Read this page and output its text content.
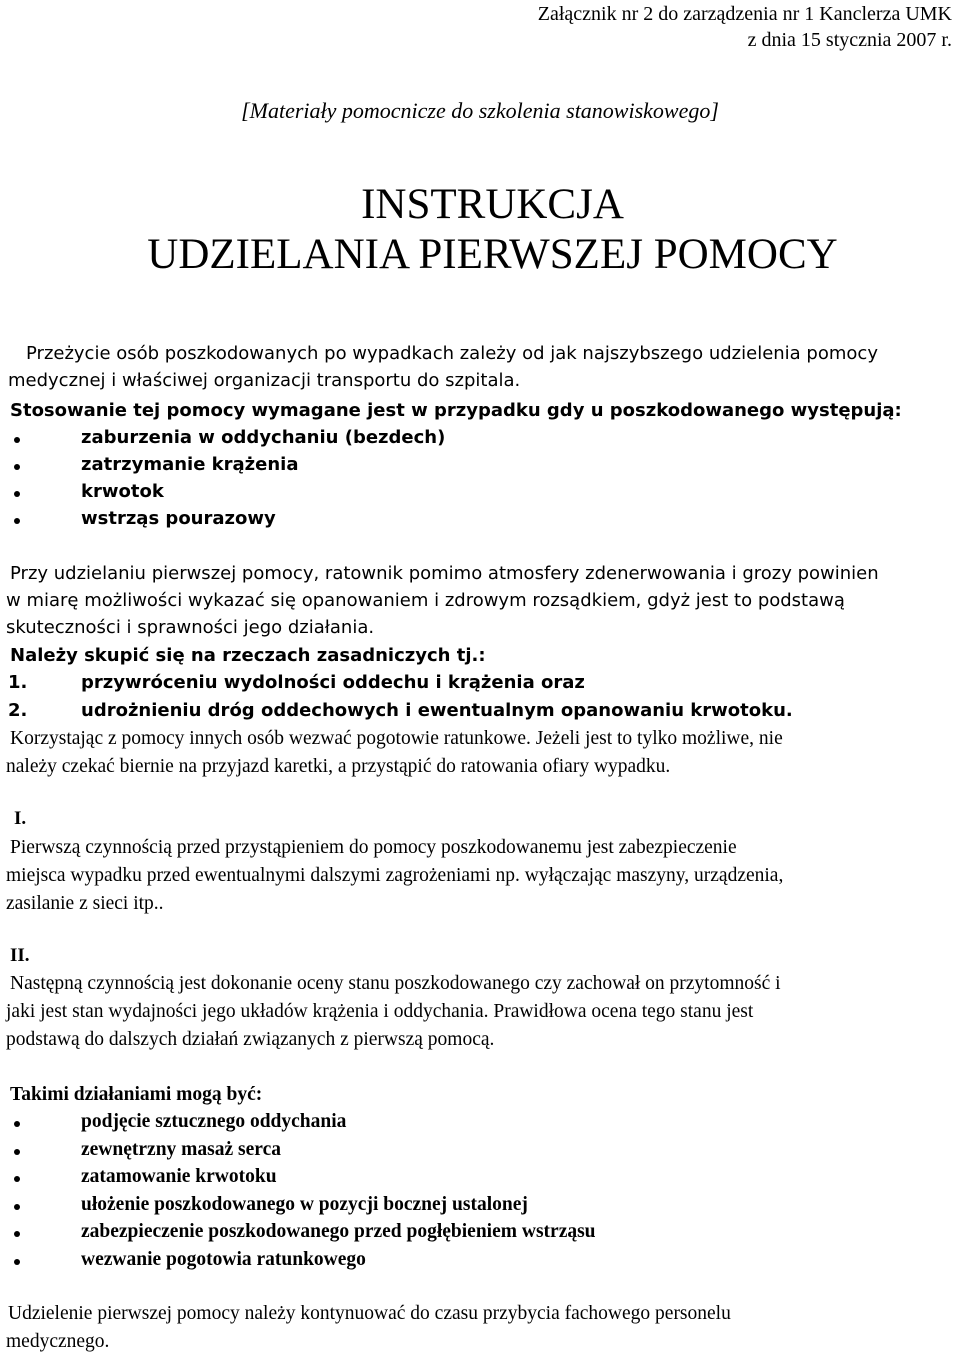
Załącznik nr 2 do zarządzenia nr 1 Kanclerza UMK
z dnia 15 stycznia 2007 r.
[Materiały pomocnicze do szkolenia stanowiskowego]
INSTRUKCJA
UDZIELANIA PIERWSZEJ POMOCY
Przeżycie osób poszkodowanych po wypadkach zależy od jak najszybszego udzielenia pomocy
medycznej i właściwej organizacji transportu do szpitala.
Stosowanie tej pomocy wymagane jest w przypadku gdy u poszkodowanego występują:
zaburzenia w oddychaniu (bezdech)
zatrzymanie krążenia
krwotok
wstrząs pourazowy
Przy udzielaniu pierwszej pomocy, ratownik pomimo atmosfery zdenerwowania i grozy powinien
w miarę możliwości wykazać się opanowaniem i zdrowym rozsądkiem, gdyż jest to podstawą
skuteczności i sprawności jego działania.
Należy skupić się na rzeczach zasadniczych tj.:
1.	przywróceniu wydolności oddechu i krążenia oraz
2.	udrożnieniu dróg oddechowych i ewentualnym opanowaniu krwotoku.
Korzystając z pomocy innych osób wezwać pogotowie ratunkowe. Jeżeli jest to tylko możliwe, nie
należy czekać biernie na przyjazd karetki, a przystąpić do ratowania ofiary wypadku.
I.
Pierwszą czynnością przed przystąpieniem do pomocy poszkodowanemu jest zabezpieczenie
miejsca wypadku przed ewentualnymi dalszymi zagrożeniami np. wyłączając maszyny, urządzenia,
zasilanie z sieci itp..
II.
Następną czynnością jest dokonanie oceny stanu poszkodowanego czy zachował on przytomność i
jaki jest stan wydajności jego układów krążenia i oddychania. Prawidłowa ocena tego stanu jest
podstawą do dalszych działań związanych z pierwszą pomocą.
Takimi działaniami mogą być:
podjęcie sztucznego oddychania
zewnętrzny masaż serca
zatamowanie krwotoku
ułożenie poszkodowanego w pozycji bocznej ustalonej
zabezpieczenie poszkodowanego przed pogłębieniem wstrząsu
wezwanie pogotowia ratunkowego
Udzielenie pierwszej pomocy należy kontynuować do czasu przybycia fachowego personelu
medycznego.
